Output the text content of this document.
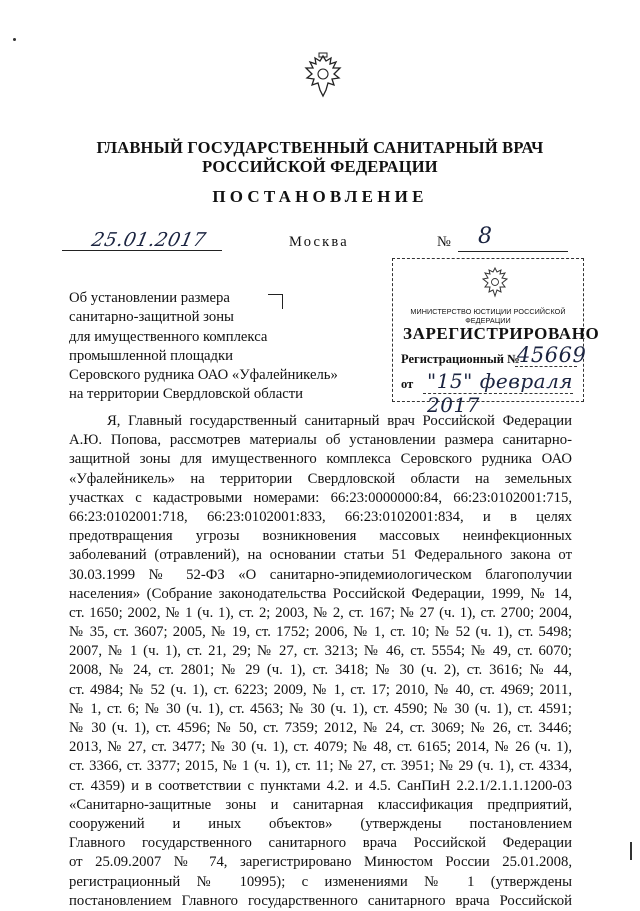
ГЛАВНЫЙ ГОСУДАРСТВЕННЫЙ САНИТАРНЫЙ ВРАЧ
РОССИЙСКОЙ ФЕДЕРАЦИИ
ПОСТАНОВЛЕНИЕ
25.01.2017	Москва	№ 8
Об установлении размера
санитарно-защитной зоны
для имущественного комплекса
промышленной площадки
Серовского рудника ОАО «Уфалейникель»
на территории Свердловской области
МИНИСТЕРСТВО ЮСТИЦИИ РОССИЙСКОЙ ФЕДЕРАЦИИ
ЗАРЕГИСТРИРОВАНО
Регистрационный №
45669
от "15" февраля 2017
Я, Главный государственный санитарный врач Российской Федерации
А.Ю. Попова, рассмотрев материалы об установлении размера санитарно-
защитной зоны для имущественного комплекса Серовского рудника ОАО
«Уфалейникель» на территории Свердловской области на земельных
участках с кадастровыми номерами: 66:23:0000000:84, 66:23:0102001:715,
66:23:0102001:718, 66:23:0102001:833, 66:23:0102001:834, и в целях
предотвращения угрозы возникновения массовых неинфекционных
заболеваний (отравлений), на основании статьи 51 Федерального закона от
30.03.1999 № 52-ФЗ «О санитарно-эпидемиологическом благополучии
населения» (Собрание законодательства Российской Федерации, 1999, № 14,
ст. 1650; 2002, № 1 (ч. 1), ст. 2; 2003, № 2, ст. 167; № 27 (ч. 1), ст. 2700; 2004,
№ 35, ст. 3607; 2005, № 19, ст. 1752; 2006, № 1, ст. 10; № 52 (ч. 1), ст. 5498;
2007, № 1 (ч. 1), ст. 21, 29; № 27, ст. 3213; № 46, ст. 5554; № 49, ст. 6070;
2008, № 24, ст. 2801; № 29 (ч. 1), ст. 3418; № 30 (ч. 2), ст. 3616; № 44,
ст. 4984; № 52 (ч. 1), ст. 6223; 2009, № 1, ст. 17; 2010, № 40, ст. 4969; 2011,
№ 1, ст. 6; № 30 (ч. 1), ст. 4563; № 30 (ч. 1), ст. 4590; № 30 (ч. 1), ст. 4591;
№ 30 (ч. 1), ст. 4596; № 50, ст. 7359; 2012, № 24, ст. 3069; № 26, ст. 3446;
2013, № 27, ст. 3477; № 30 (ч. 1), ст. 4079; № 48, ст. 6165; 2014, № 26 (ч. 1),
ст. 3366, ст. 3377; 2015, № 1 (ч. 1), ст. 11; № 27, ст. 3951; № 29 (ч. 1), ст. 4334,
ст. 4359) и в соответствии с пунктами 4.2. и 4.5. СанПиН 2.2.1/2.1.1.1200-03
«Санитарно-защитные зоны и санитарная классификация предприятий,
сооружений и иных объектов» (утверждены постановлением
Главного государственного санитарного врача Российской Федерации
от 25.09.2007 № 74, зарегистрировано Минюстом России 25.01.2008,
регистрационный № 10995); с изменениями № 1 (утверждены
постановлением Главного государственного санитарного врача Российской
